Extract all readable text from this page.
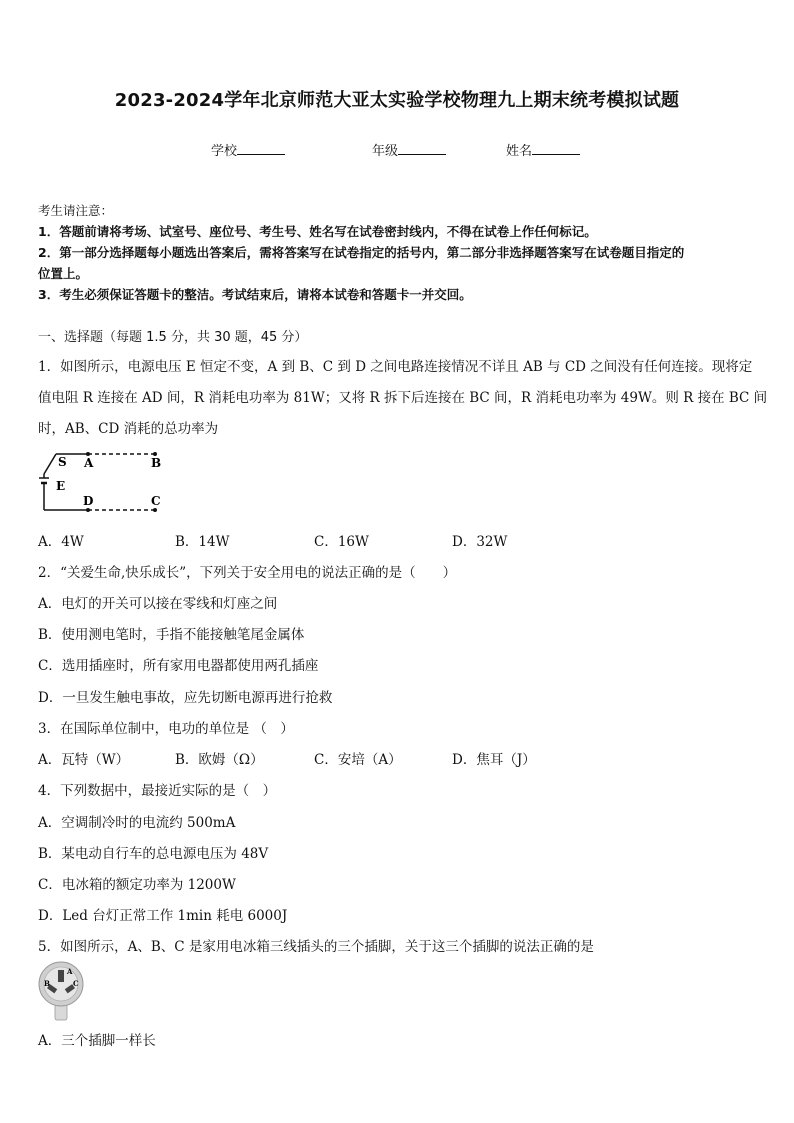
2023-2024学年北京师范大亚太实验学校物理九上期末统考模拟试题
学校	年级	姓名
考生请注意：
1．答题前请将考场、试室号、座位号、考生号、姓名写在试卷密封线内，不得在试卷上作任何标记。
2．第一部分选择题每小题选出答案后，需将答案写在试卷指定的括号内，第二部分非选择题答案写在试卷题目指定的
位置上。
3．考生必须保证答题卡的整洁。考试结束后，请将本试卷和答题卡一并交回。
一、选择题（每题 1.5 分，共 30 题，45 分）
1．如图所示，电源电压 E 恒定不变，A 到 B、C 到 D 之间电路连接情况不详且 AB 与 CD 之间没有任何连接。现将定
值电阻 R 连接在 AD 间，R 消耗电功率为 81W；又将 R 拆下后连接在 BC 间，R 消耗电功率为 49W。则 R 接在 BC 间
时，AB、CD 消耗的总功率为
S A	B
E
D	C
A．4W	B．14W	C．16W	D．32W
2．“关爱生命,快乐成长”，下列关于安全用电的说法正确的是（　　）
A．电灯的开关可以接在零线和灯座之间
B．使用测电笔时，手指不能接触笔尾金属体
C．选用插座时，所有家用电器都使用两孔插座
D．一旦发生触电事故，应先切断电源再进行抢救
3．在国际单位制中，电功的单位是 （　）
A．瓦特（W）	B．欧姆（Ω）	C．安培（A）	D．焦耳（J）
4．下列数据中，最接近实际的是（　）
A．空调制冷时的电流约 500mA
B．某电动自行车的总电源电压为 48V
C．电冰箱的额定功率为 1200W
D．Led 台灯正常工作 1min 耗电 6000J
5．如图所示，A、B、C 是家用电冰箱三线插头的三个插脚，关于这三个插脚的说法正确的是
A
B	C
A．三个插脚一样长
